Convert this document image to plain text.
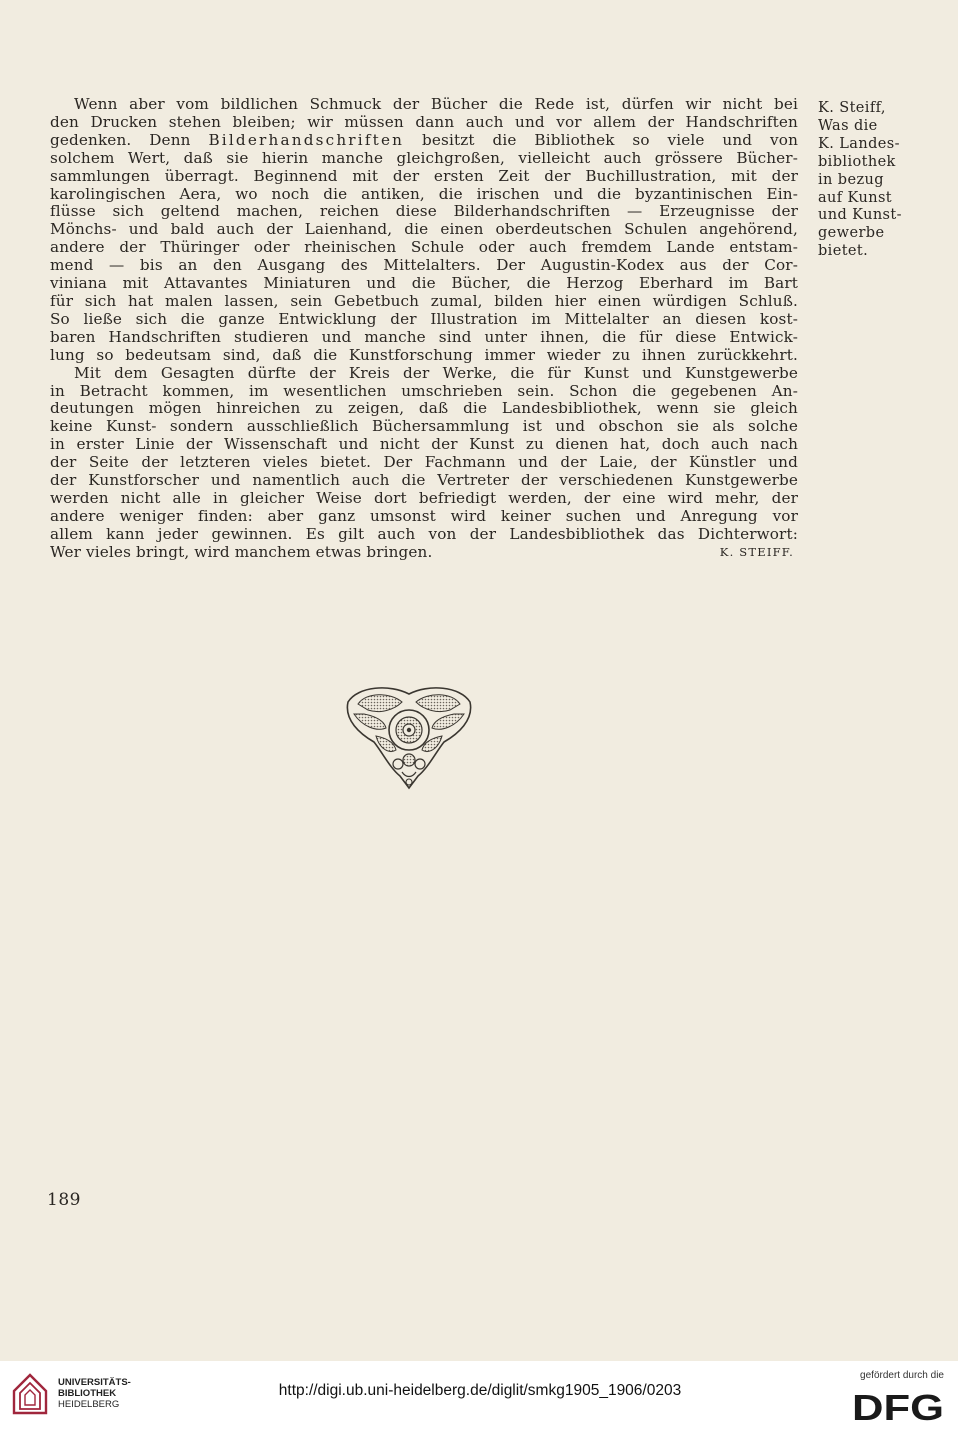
Wenn aber vom bildlichen Schmuck der Bücher die Rede ist, dürfen wir nicht bei
den Drucken stehen bleiben; wir müssen dann auch und vor allem der Handschriften
gedenken. Denn Bilderhandschriften besitzt die Bibliothek so viele und von
solchem Wert, daß sie hierin manche gleichgroßen, vielleicht auch grössere Bücher-
sammlungen überragt. Beginnend mit der ersten Zeit der Buchillustration, mit der
karolingischen Aera, wo noch die antiken, die irischen und die byzantinischen Ein-
flüsse sich geltend machen, reichen diese Bilderhandschriften — Erzeugnisse der
Mönchs- und bald auch der Laienhand, die einen oberdeutschen Schulen angehörend,
andere der Thüringer oder rheinischen Schule oder auch fremdem Lande entstam-
mend — bis an den Ausgang des Mittelalters. Der Augustin-Kodex aus der Cor-
viniana mit Attavantes Miniaturen und die Bücher, die Herzog Eberhard im Bart
für sich hat malen lassen, sein Gebetbuch zumal, bilden hier einen würdigen Schluß.
So ließe sich die ganze Entwicklung der Illustration im Mittelalter an diesen kost-
baren Handschriften studieren und manche sind unter ihnen, die für diese Entwick-
lung so bedeutsam sind, daß die Kunstforschung immer wieder zu ihnen zurückkehrt.
Mit dem Gesagten dürfte der Kreis der Werke, die für Kunst und Kunstgewerbe
in Betracht kommen, im wesentlichen umschrieben sein. Schon die gegebenen An-
deutungen mögen hinreichen zu zeigen, daß die Landesbibliothek, wenn sie gleich
keine Kunst- sondern ausschließlich Büchersammlung ist und obschon sie als solche
in erster Linie der Wissenschaft und nicht der Kunst zu dienen hat, doch auch nach
der Seite der letzteren vieles bietet. Der Fachmann und der Laie, der Künstler und
der Kunstforscher und namentlich auch die Vertreter der verschiedenen Kunstgewerbe
werden nicht alle in gleicher Weise dort befriedigt werden, der eine wird mehr, der
andere weniger finden: aber ganz umsonst wird keiner suchen und Anregung vor
allem kann jeder gewinnen. Es gilt auch von der Landesbibliothek das Dichterwort:
Wer vieles bringt, wird manchem etwas bringen.	K. STEIFF.
K. Steiff,
Was die
K. Landes-
bibliothek
in bezug
auf Kunst
und Kunst-
gewerbe
bietet.
189
UNIVERSITÄTS-
BIBLIOTHEK
HEIDELBERG
http://digi.ub.uni-heidelberg.de/diglit/smkg1905_1906/0203
gefördert durch die
DFG
